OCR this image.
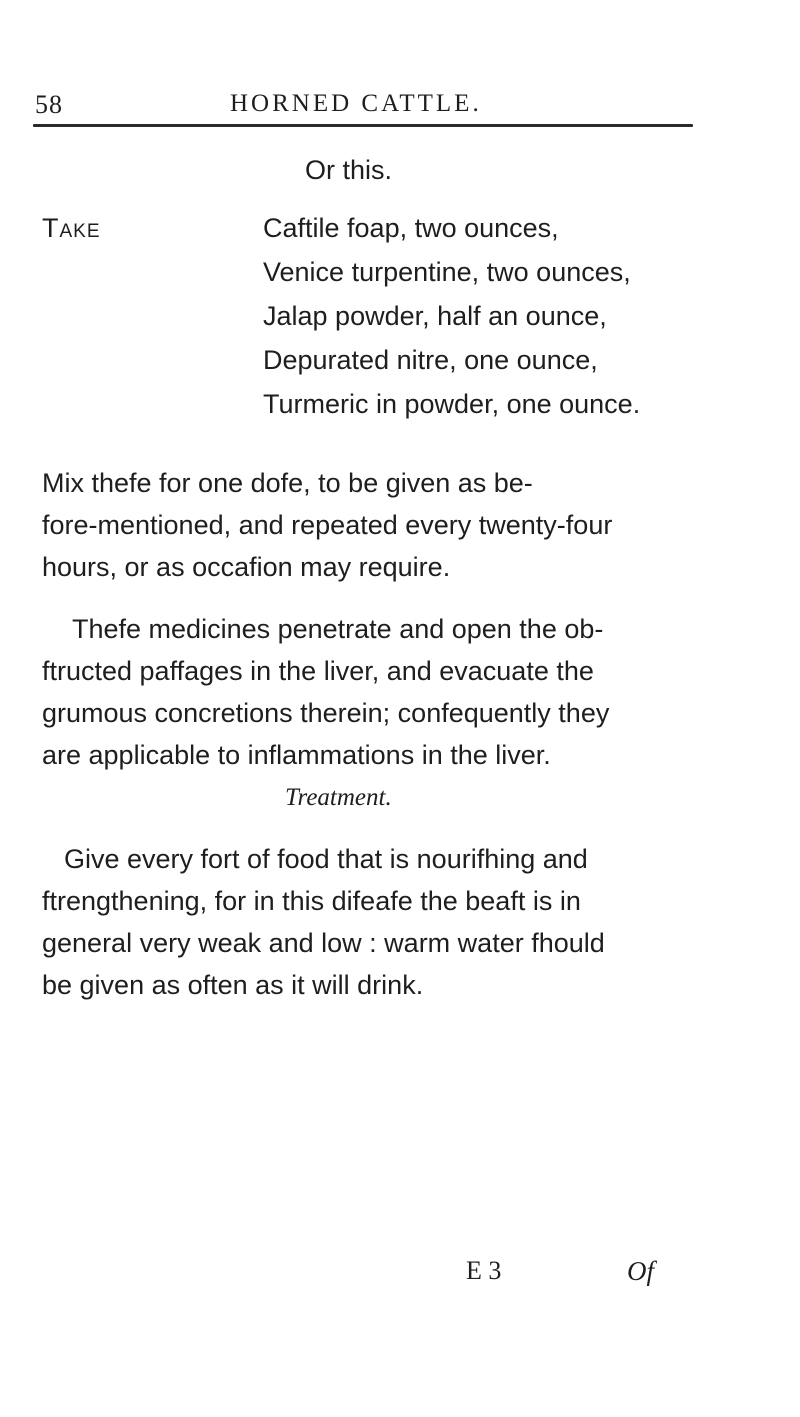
58	HORNED CATTLE.

Or this.

Take	Caftile foap, two ounces,

Venice turpentine, two ounces,

Jalap powder, half an ounce,

Depurated nitre, one ounce,

Turmeric in powder, one ounce.

Mix thefe for one dofe, to be given as be-
fore-mentioned, and repeated every twenty-four
hours, or as occafion may require.
Thefe medicines penetrate and open the ob-
ftructed paffages in the liver, and evacuate the
grumous concretions therein; confequently they
are applicable to inflammations in the liver.

Treatment.

Give every fort of food that is nourifhing and
ftrengthening, for in this difeafe the beaft is in
general very weak and low : warm water fhould
be given as often as it will drink.

E 3	Of
